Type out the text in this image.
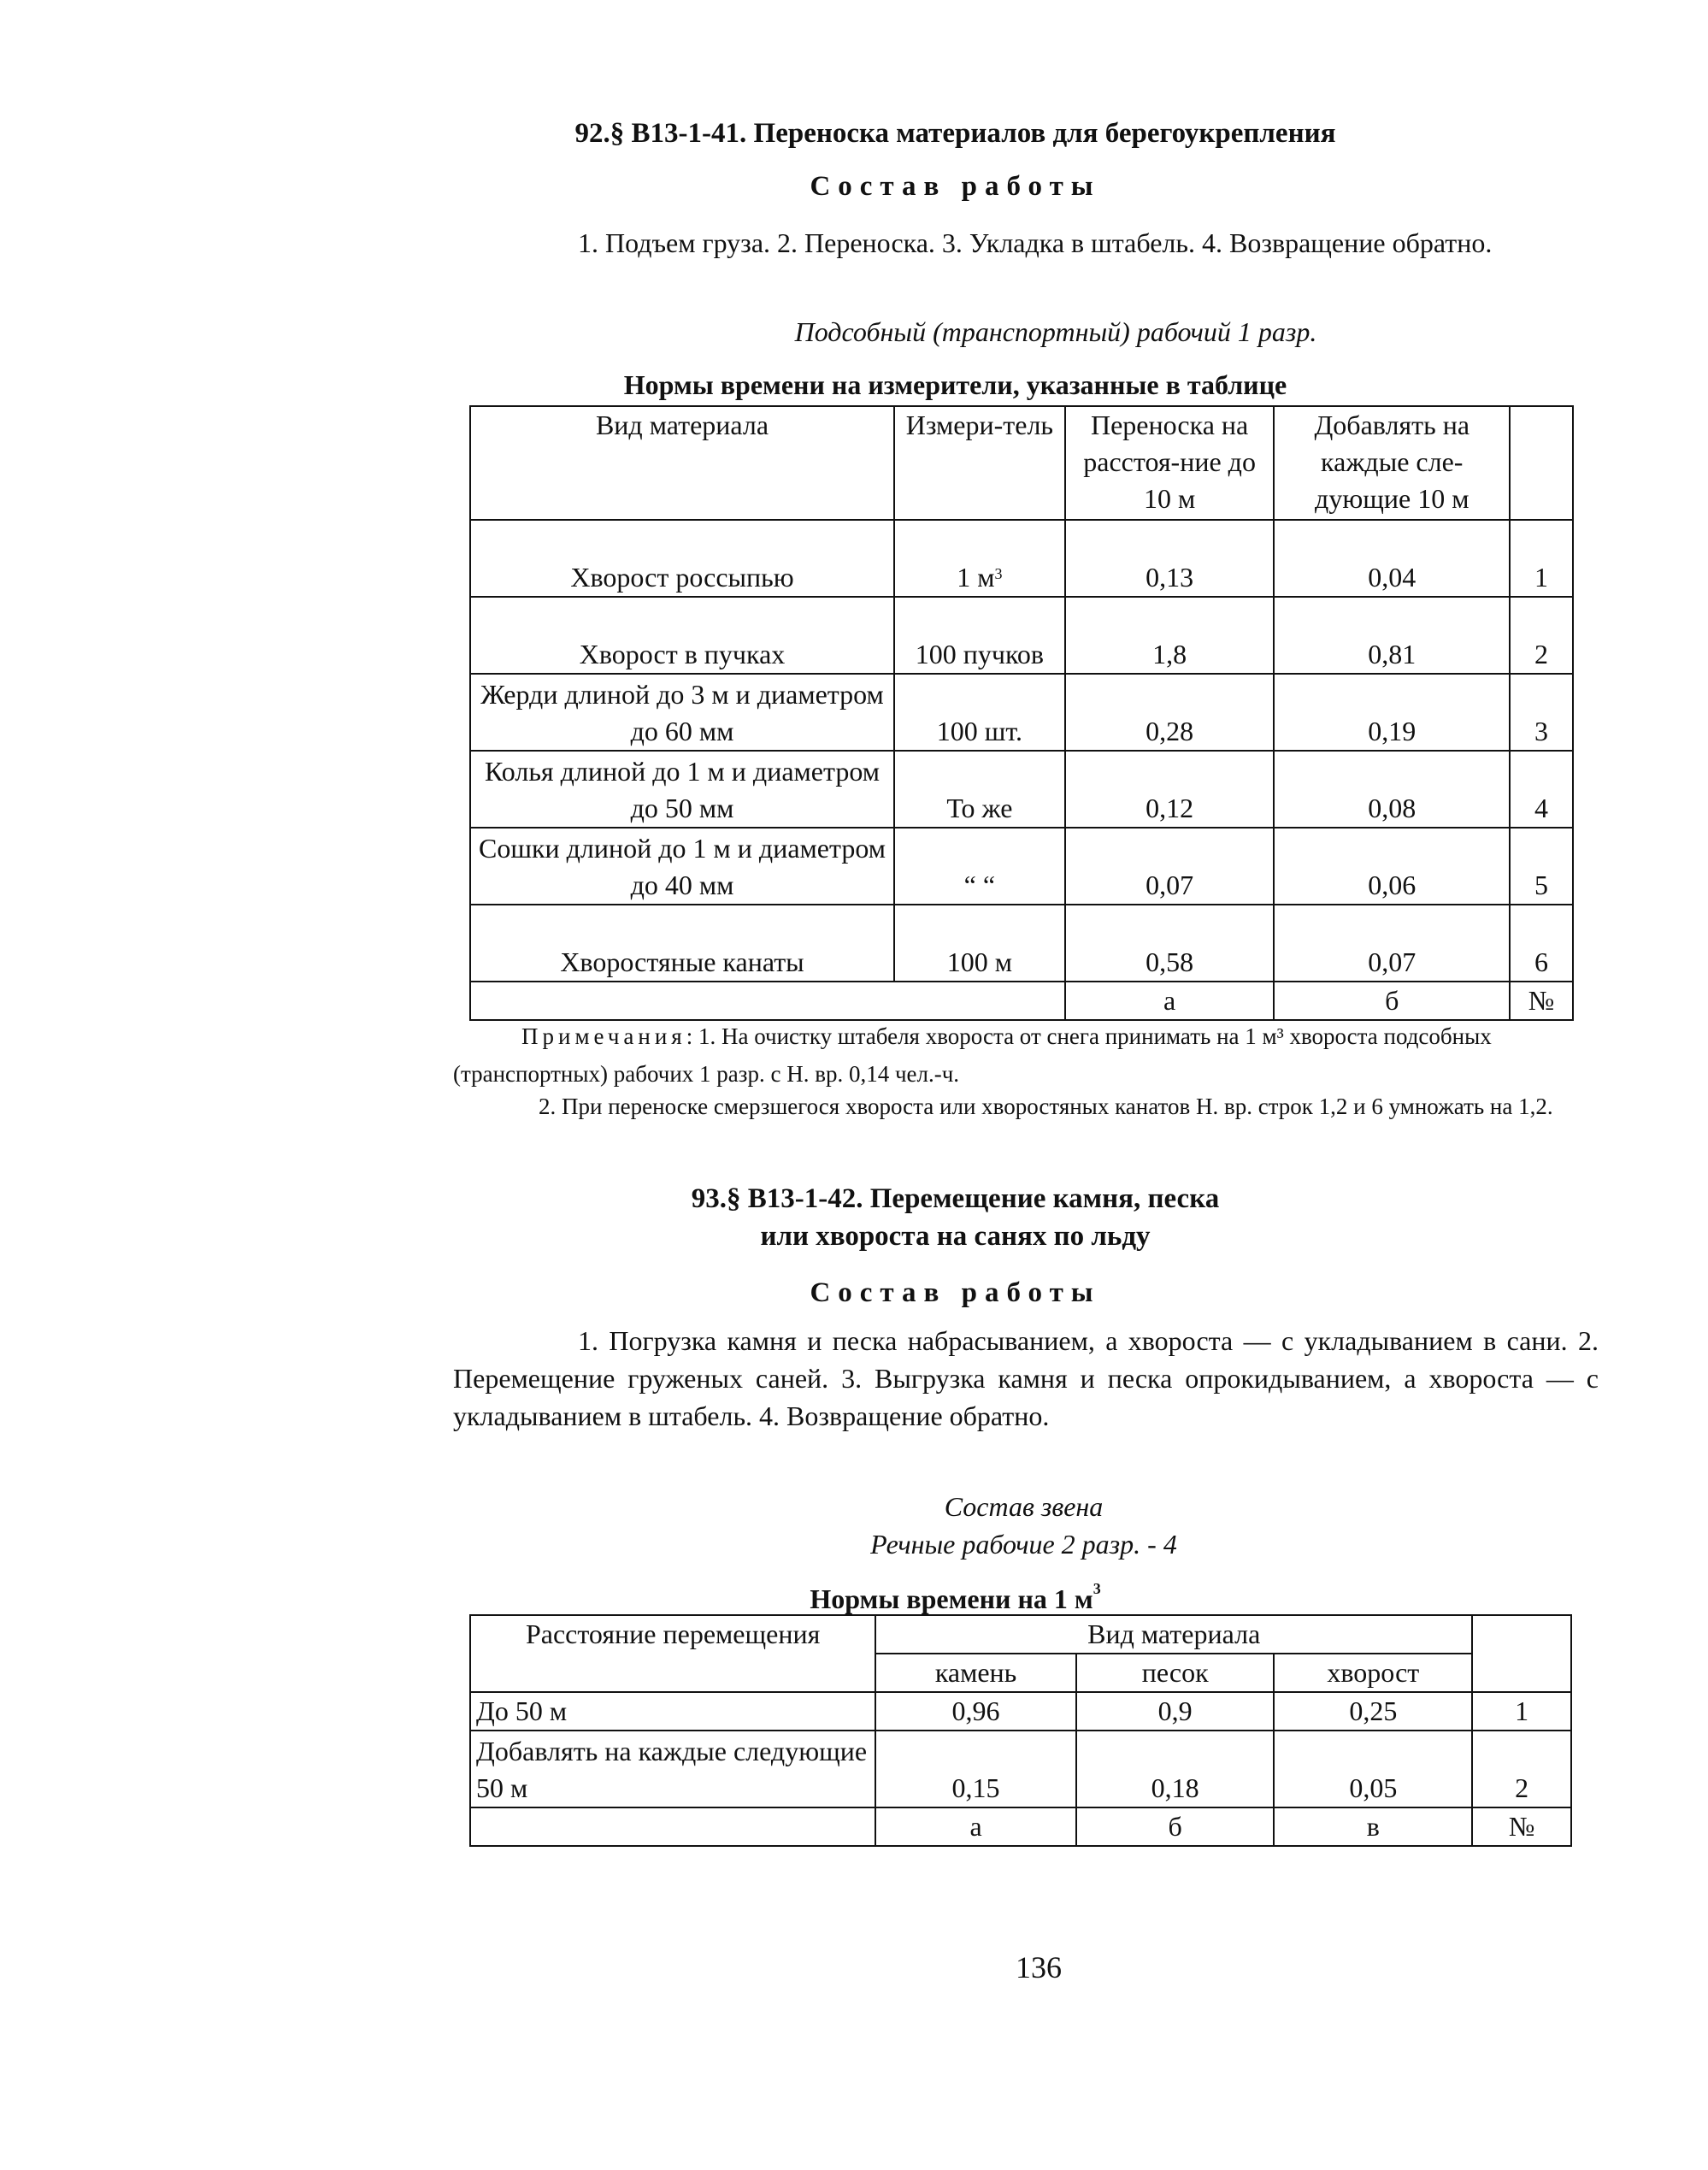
92.§ В13-1-41. Переноска материалов для берегоукрепления
Состав работы
1. Подъем груза. 2. Переноска. 3. Укладка в штабель. 4. Возвращение обратно.
Подсобный (транспортный) рабочий 1 разр.
Нормы времени на измерители, указанные в таблице
Вид материала	Измери-тель	Переноска на расстоя-ние до 10 м	Добавлять на каждые сле-дующие 10 м	
Хворост россыпью	1 $м^3$	0,13	0,04	1
Хворост в пучках	100 пучков	1,8	0,81	2
Жерди длиной до 3 м и диаметром до 60 мм	100 шт.	0,28	0,19	3
Колья длиной до 1 м и диаметром до 50 мм	То же	0,12	0,08	4
Сошки длиной до 1 м и диаметром до 40 мм	“ “	0,07	0,06	5
Хворостяные канаты	100 м	0,58	0,07	6
		а	б	№
Примечания: 1. На очистку штабеля хвороста от снега принимать на 1 м³ хвороста подсобных (транспортных) рабочих 1 разр. с Н. вр. 0,14 чел.-ч.
2. При переноске смерзшегося хвороста или хворостяных канатов Н. вр. строк 1,2 и 6 умножать на 1,2.
93.§ В13-1-42. Перемещение камня, песка
или хвороста на санях по льду
Состав работы
1. Погрузка камня и песка набрасыванием, а хвороста — с укладыванием в сани. 2. Перемещение груженых саней. 3. Выгрузка камня и песка опрокидыванием, а хвороста — с укладыванием в штабель. 4. Возвращение обратно.
Состав звена
Речные рабочие 2 разр. - 4
Нормы времени на 1 $м^3$
Расстояние перемещения	Вид материала			
	камень	песок	хворост	
До 50 м	0,96	0,9	0,25	1
Добавлять на каждые следующие 50 м	0,15	0,18	0,05	2
	а	б	в	№
136
